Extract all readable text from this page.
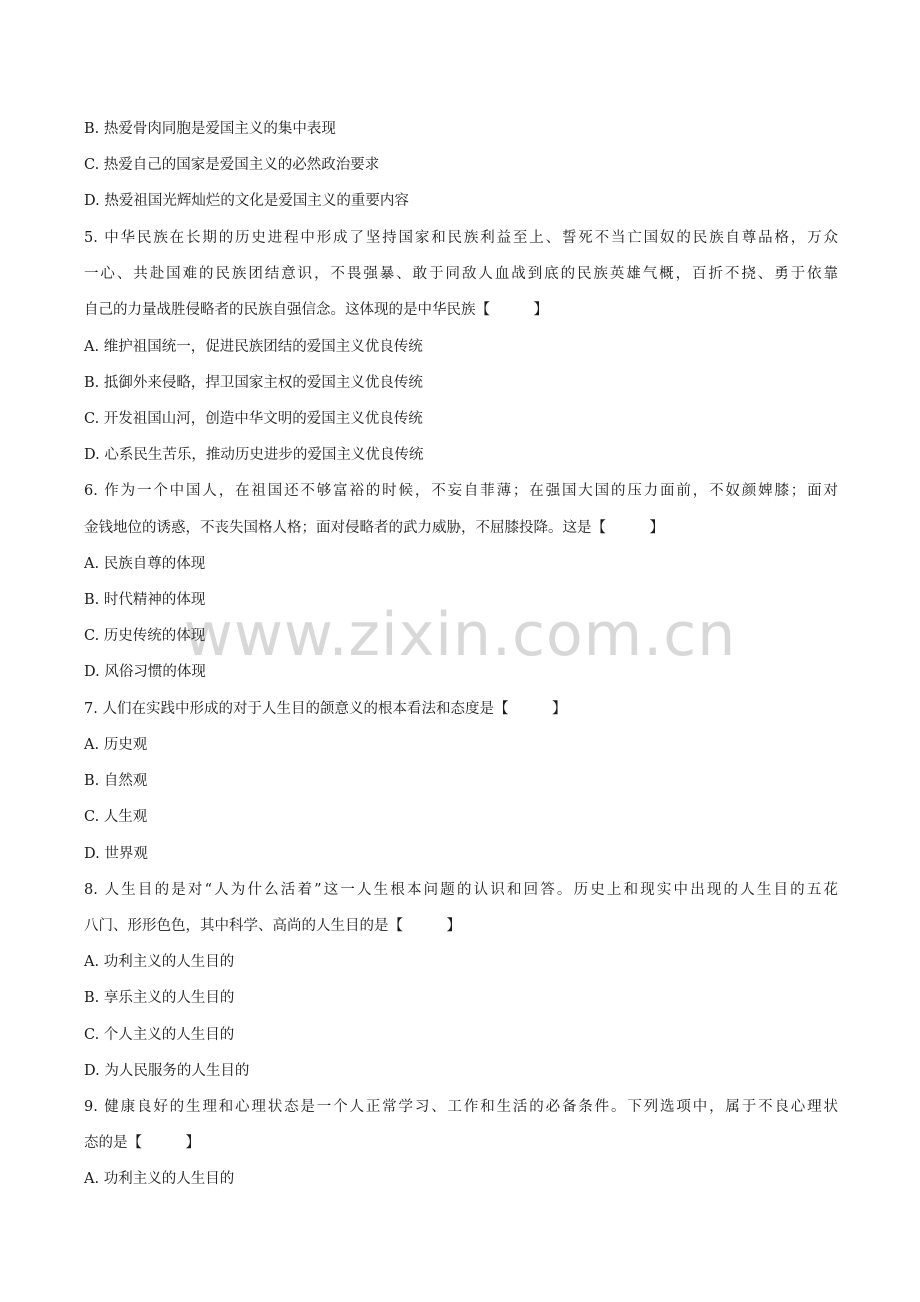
www.zixin.com.cn
B. 热爱骨肉同胞是爱国主义的集中表现
C. 热爱自己的国家是爱国主义的必然政治要求
D. 热爱祖国光辉灿烂的文化是爱国主义的重要内容
5. 中华民族在长期的历史进程中形成了坚持国家和民族利益至上、誓死不当亡国奴的民族自尊品格，万众
一心、共赴国难的民族团结意识，不畏强暴、敢于同敌人血战到底的民族英雄气概，百折不挠、勇于依靠
自己的力量战胜侵略者的民族自强信念。这体现的是中华民族【　　　】
A. 维护祖国统一，促进民族团结的爱国主义优良传统
B. 抵御外来侵略，捍卫国家主权的爱国主义优良传统
C. 开发祖国山河，创造中华文明的爱国主义优良传统
D. 心系民生苦乐，推动历史进步的爱国主义优良传统
6. 作为一个中国人，在祖国还不够富裕的时候，不妄自菲薄；在强国大国的压力面前，不奴颜婢膝；面对
金钱地位的诱惑，不丧失国格人格；面对侵略者的武力威胁，不屈膝投降。这是【　　　】
A. 民族自尊的体现
B. 时代精神的体现
C. 历史传统的体现
D. 风俗习惯的体现
7. 人们在实践中形成的对于人生目的颌意义的根本看法和态度是【　　　】
A. 历史观
B. 自然观
C. 人生观
D. 世界观
8. 人生目的是对“人为什么活着”这一人生根本问题的认识和回答。历史上和现实中出现的人生目的五花
八门、形形色色，其中科学、高尚的人生目的是【　　　】
A. 功利主义的人生目的
B. 享乐主义的人生目的
C. 个人主义的人生目的
D. 为人民服务的人生目的
9. 健康良好的生理和心理状态是一个人正常学习、工作和生活的必备条件。下列选项中，属于不良心理状
态的是【　　　】
A. 功利主义的人生目的
